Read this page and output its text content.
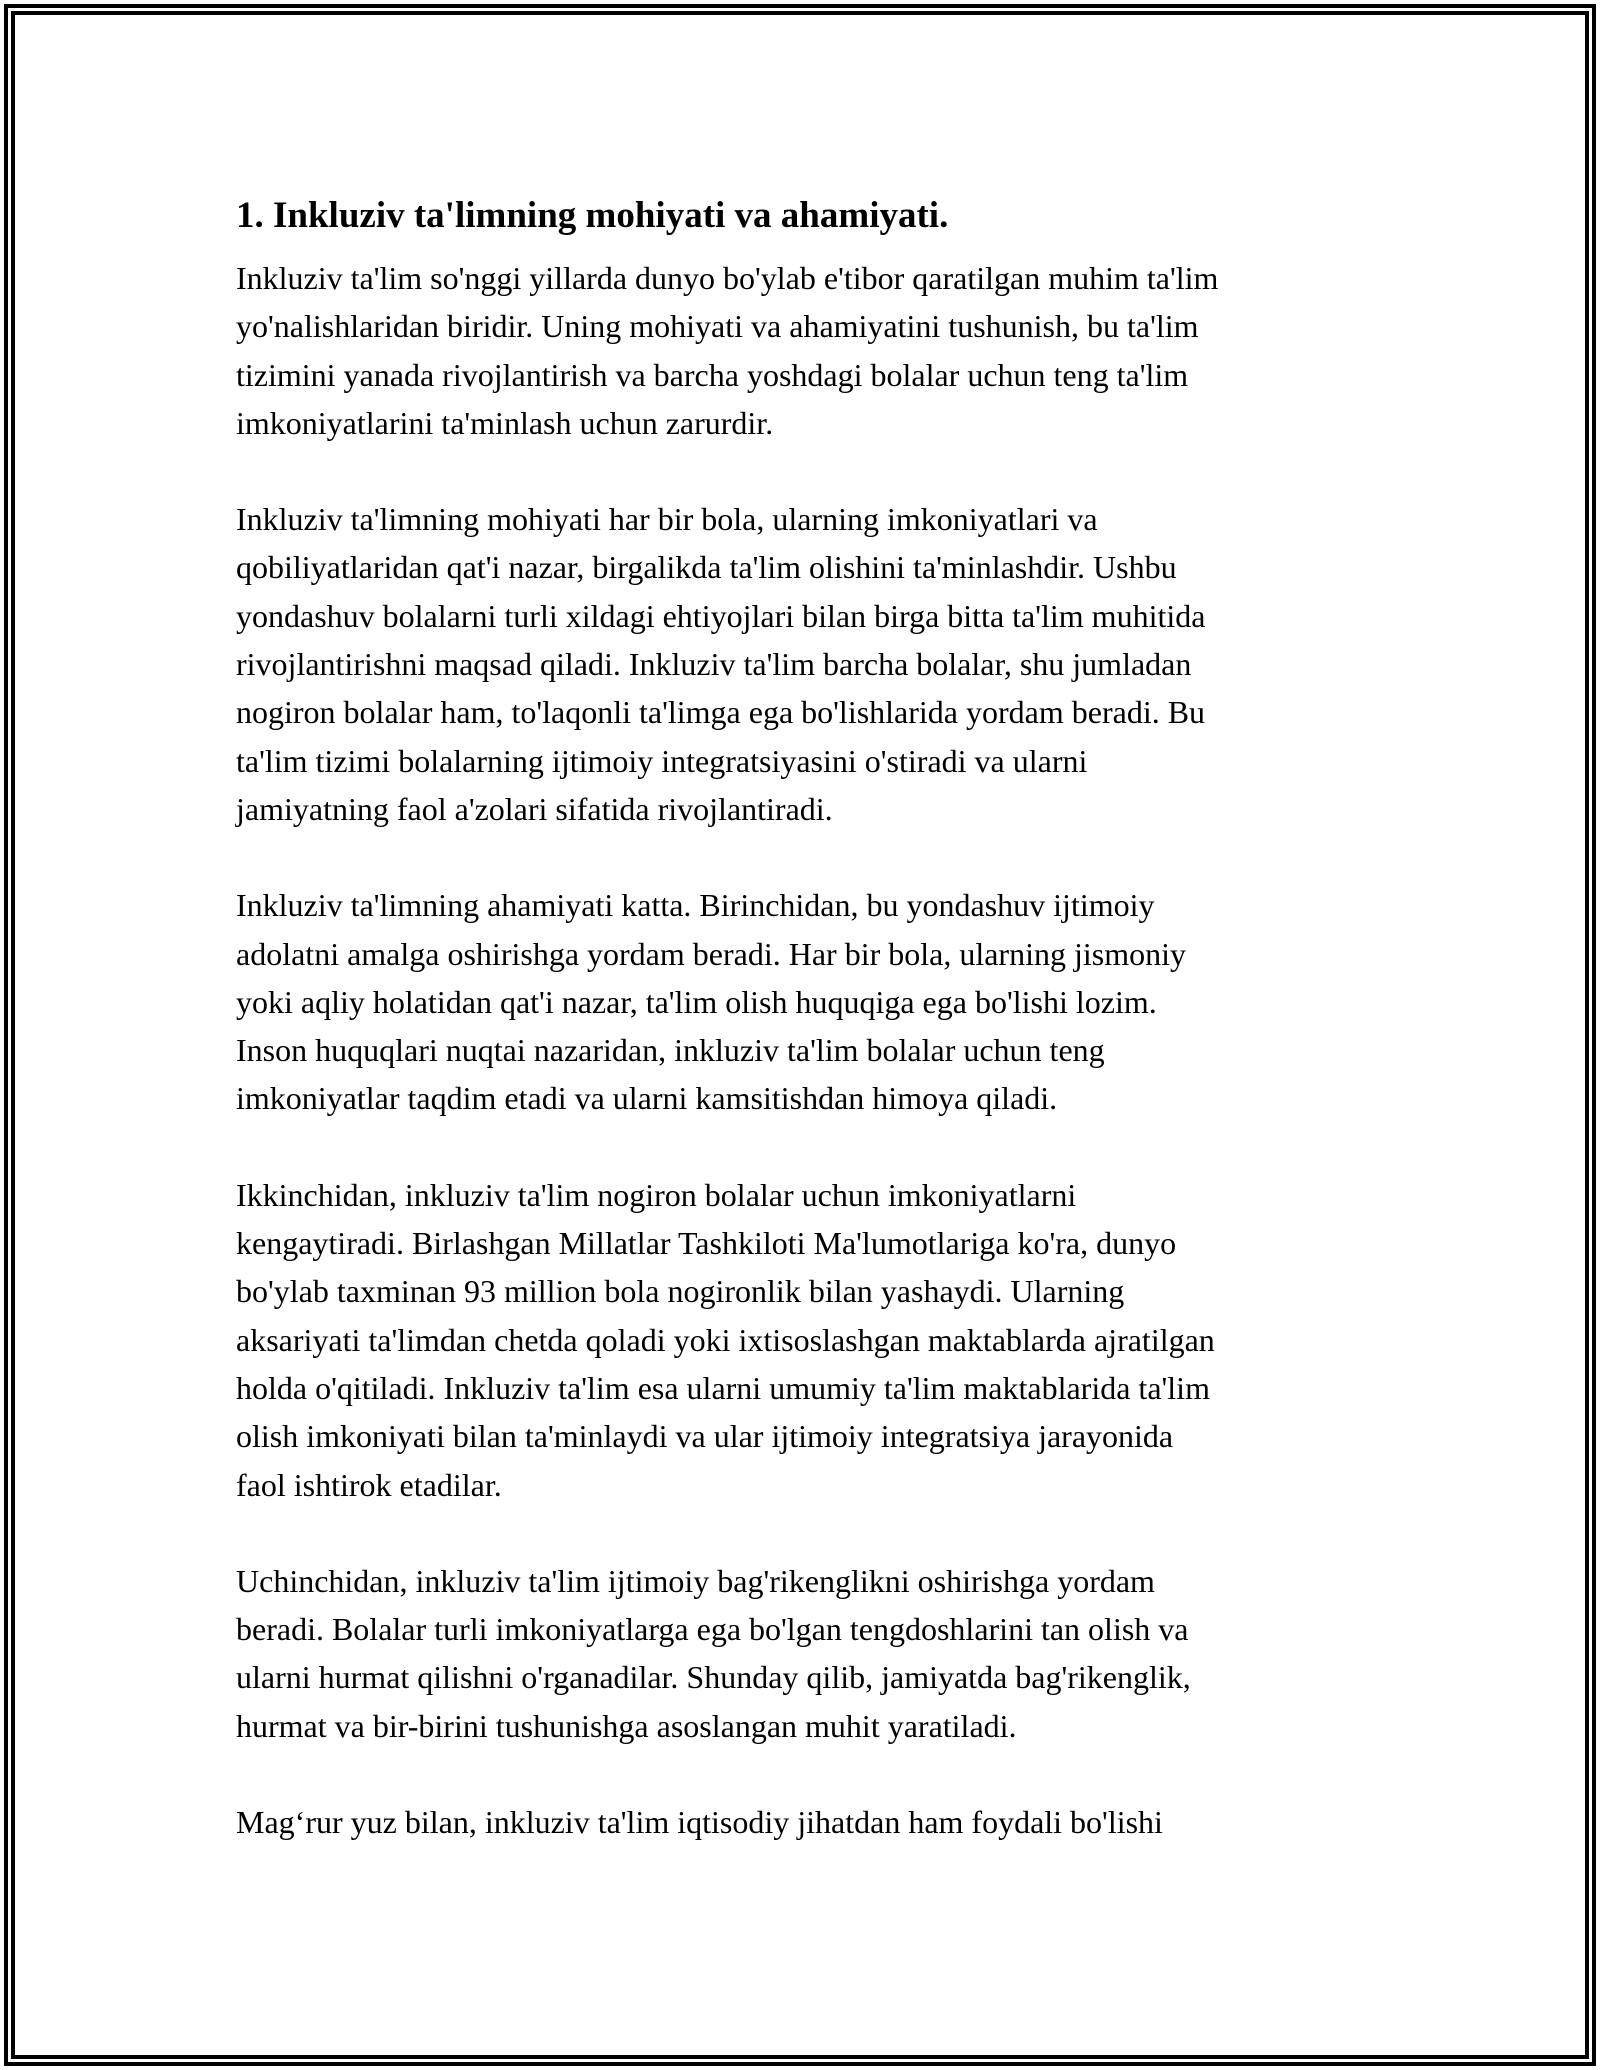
1. Inkluziv ta'limning mohiyati va ahamiyati.

Inkluziv ta'lim so'nggi yillarda dunyo bo'ylab e'tibor qaratilgan muhim ta'lim
yo'nalishlaridan biridir. Uning mohiyati va ahamiyatini tushunish, bu ta'lim
tizimini yanada rivojlantirish va barcha yoshdagi bolalar uchun teng ta'lim
imkoniyatlarini ta'minlash uchun zarurdir.

Inkluziv ta'limning mohiyati har bir bola, ularning imkoniyatlari va
qobiliyatlaridan qat'i nazar, birgalikda ta'lim olishini ta'minlashdir. Ushbu
yondashuv bolalarni turli xildagi ehtiyojlari bilan birga bitta ta'lim muhitida
rivojlantirishni maqsad qiladi. Inkluziv ta'lim barcha bolalar, shu jumladan
nogiron bolalar ham, to'laqonli ta'limga ega bo'lishlarida yordam beradi. Bu
ta'lim tizimi bolalarning ijtimoiy integratsiyasini o'stiradi va ularni
jamiyatning faol a'zolari sifatida rivojlantiradi.

Inkluziv ta'limning ahamiyati katta. Birinchidan, bu yondashuv ijtimoiy
adolatni amalga oshirishga yordam beradi. Har bir bola, ularning jismoniy
yoki aqliy holatidan qat'i nazar, ta'lim olish huquqiga ega bo'lishi lozim.
Inson huquqlari nuqtai nazaridan, inkluziv ta'lim bolalar uchun teng
imkoniyatlar taqdim etadi va ularni kamsitishdan himoya qiladi.

Ikkinchidan, inkluziv ta'lim nogiron bolalar uchun imkoniyatlarni
kengaytiradi. Birlashgan Millatlar Tashkiloti Ma'lumotlariga ko'ra, dunyo
bo'ylab taxminan 93 million bola nogironlik bilan yashaydi. Ularning
aksariyati ta'limdan chetda qoladi yoki ixtisoslashgan maktablarda ajratilgan
holda o'qitiladi. Inkluziv ta'lim esa ularni umumiy ta'lim maktablarida ta'lim
olish imkoniyati bilan ta'minlaydi va ular ijtimoiy integratsiya jarayonida
faol ishtirok etadilar.

Uchinchidan, inkluziv ta'lim ijtimoiy bag'rikenglikni oshirishga yordam
beradi. Bolalar turli imkoniyatlarga ega bo'lgan tengdoshlarini tan olish va
ularni hurmat qilishni o'rganadilar. Shunday qilib, jamiyatda bag'rikenglik,
hurmat va bir-birini tushunishga asoslangan muhit yaratiladi.

Mag‘rur yuz bilan, inkluziv ta'lim iqtisodiy jihatdan ham foydali bo'lishi
